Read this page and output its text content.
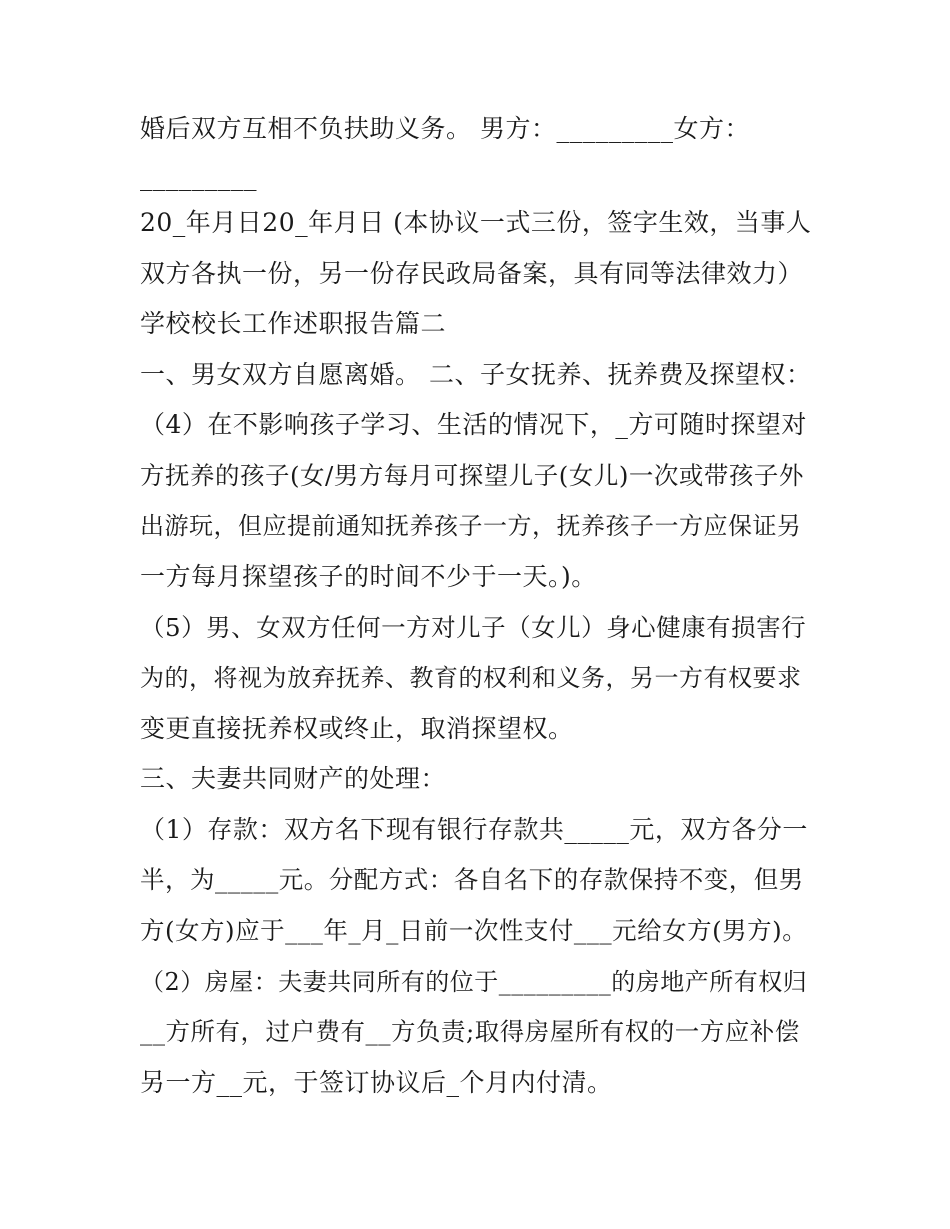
婚后双方互相不负扶助义务。 男方：_________女方：
_________
20_年月日20_年月日 (本协议一式三份，签字生效，当事人
双方各执一份，另一份存民政局备案，具有同等法律效力）
学校校长工作述职报告篇二
一、男女双方自愿离婚。 二、子女抚养、抚养费及探望权：
（4）在不影响孩子学习、生活的情况下，_方可随时探望对
方抚养的孩子(女/男方每月可探望儿子(女儿)一次或带孩子外
出游玩，但应提前通知抚养孩子一方，抚养孩子一方应保证另
一方每月探望孩子的时间不少于一天。)。
（5）男、女双方任何一方对儿子（女儿）身心健康有损害行
为的，将视为放弃抚养、教育的权利和义务，另一方有权要求
变更直接抚养权或终止，取消探望权。
三、夫妻共同财产的处理：
（1）存款：双方名下现有银行存款共_____元，双方各分一
半，为_____元。分配方式：各自名下的存款保持不变，但男
方(女方)应于___年_月_日前一次性支付___元给女方(男方)。
（2）房屋：夫妻共同所有的位于_________的房地产所有权归
__方所有，过户费有__方负责;取得房屋所有权的一方应补偿
另一方__元，于签订协议后_个月内付清。
